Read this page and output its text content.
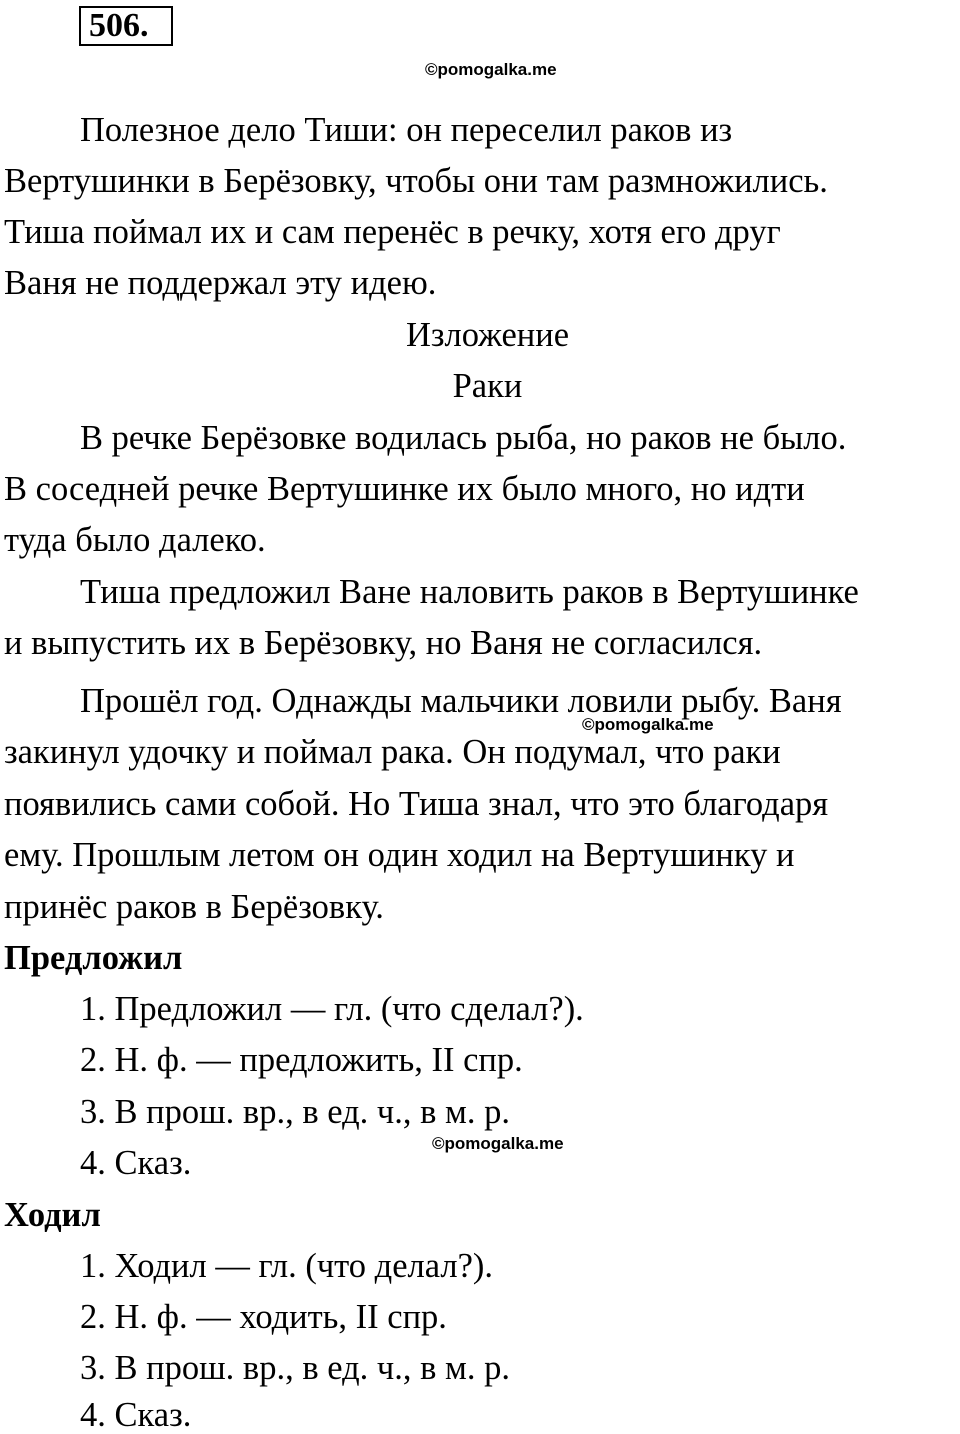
506.
©pomogalka.me
Полезное дело Тиши: он переселил раков из
Вертушинки в Берёзовку, чтобы они там размножились.
Тиша поймал их и сам перенёс в речку, хотя его друг
Ваня не поддержал эту идею.
Изложение
Раки
В речке Берёзовке водилась рыба, но раков не было.
В соседней речке Вертушинке их было много, но идти
туда было далеко.
Тиша предложил Ване наловить раков в Вертушинке
и выпустить их в Берёзовку, но Ваня не согласился.
Прошёл год. Однажды мальчики ловили рыбу. Ваня
©pomogalka.me
закинул удочку и поймал рака. Он подумал, что раки
появились сами собой. Но Тиша знал, что это благодаря
ему. Прошлым летом он один ходил на Вертушинку и
принёс раков в Берёзовку.
Предложил
1. Предложил — гл. (что сделал?).
2. Н. ф. — предложить, II спр.
3. В прош. вр., в ед. ч., в м. р.
©pomogalka.me
4. Сказ.
Ходил
1. Ходил — гл. (что делал?).
2. Н. ф. — ходить, II спр.
3. В прош. вр., в ед. ч., в м. р.
4. Сказ.
